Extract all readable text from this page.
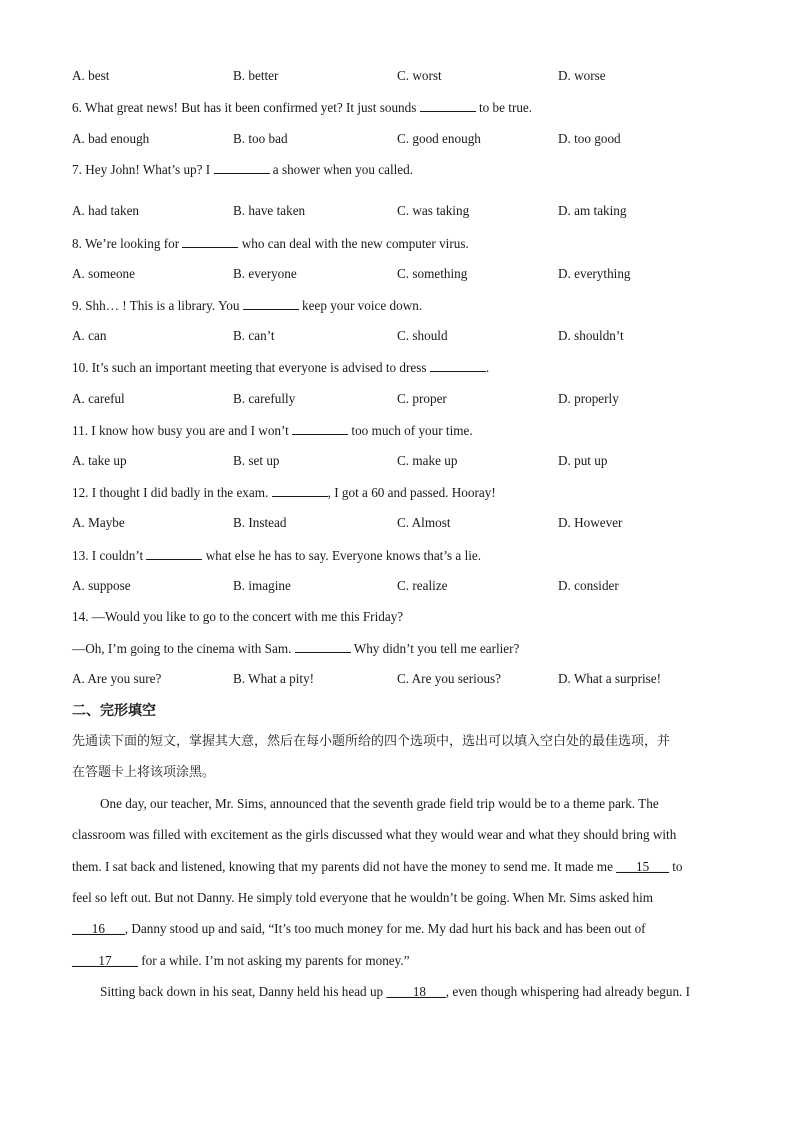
A. best	B. better	C. worst	D. worse
6. What great news! But has it been confirmed yet? It just sounds	to be true.
A. bad enough	B. too bad	C. good enough	D. too good
7. Hey John! What’s up? I	a shower when you called.
A. had taken	B. have taken	C. was taking	D. am taking
8. We’re looking for	who can deal with the new computer virus.
A. someone	B. everyone	C. something	D. everything
9. Shh… ! This is a library. You	keep your voice down.
A. can	B. can’t	C. should	D. shouldn’t
10. It’s such an important meeting that everyone is advised to dress	.
A. careful	B. carefully	C. proper	D. properly
11. I know how busy you are and I won’t	too much of your time.
A. take up	B. set up	C. make up	D. put up
12. I thought I did badly in the exam.	, I got a 60 and passed. Hooray!
A. Maybe	B. Instead	C. Almost	D. However
13. I couldn’t	what else he has to say. Everyone knows that’s a lie.
A. suppose	B. imagine	C. realize	D. consider
14. —Would you like to go to the concert with me this Friday?
—Oh, I’m going to the cinema with Sam.	Why didn’t you tell me earlier?
A. Are you sure?	B. What a pity!	C. Are you serious?	D. What a surprise!
二、完形填空
先通读下面的短文，掌握其大意，然后在每小题所给的四个选项中，选出可以填入空白处的最佳选项，并
在答题卡上将该项涂黑。
One day, our teacher, Mr. Sims, announced that the seventh grade field trip would be to a theme park. The
classroom was filled with excitement as the girls discussed what they would wear and what they should bring with
them. I sat back and listened, knowing that my parents did not have the money to send me. It made me ___15___ to
feel so left out. But not Danny. He simply told everyone that he wouldn’t be going. When Mr. Sims asked him
___16___, Danny stood up and said, “It’s too much money for me. My dad hurt his back and has been out of
____17____ for a while. I’m not asking my parents for money.”
Sitting back down in his seat, Danny held his head up ____18___, even though whispering had already begun. I
